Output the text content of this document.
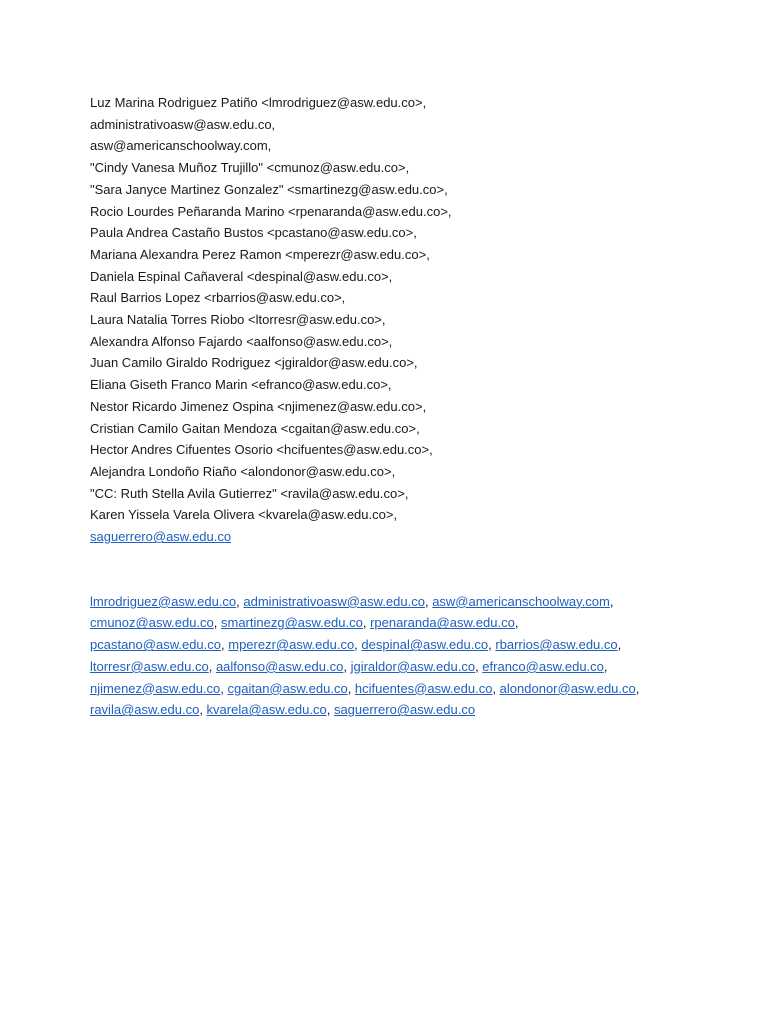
Luz Marina Rodriguez Patiño <lmrodriguez@asw.edu.co>,
administrativoasw@asw.edu.co,
asw@americanschoolway.com,
"Cindy Vanesa Muñoz Trujillo" <cmunoz@asw.edu.co>,
"Sara Janyce Martinez Gonzalez" <smartinezg@asw.edu.co>,
Rocio Lourdes Peñaranda Marino <rpenaranda@asw.edu.co>,
Paula Andrea Castaño Bustos <pcastano@asw.edu.co>,
Mariana Alexandra Perez Ramon <mperezr@asw.edu.co>,
Daniela Espinal Cañaveral <despinal@asw.edu.co>,
Raul Barrios Lopez <rbarrios@asw.edu.co>,
Laura Natalia Torres Riobo <ltorresr@asw.edu.co>,
Alexandra Alfonso Fajardo <aalfonso@asw.edu.co>,
Juan Camilo Giraldo Rodriguez <jgiraldor@asw.edu.co>,
Eliana Giseth Franco Marin <efranco@asw.edu.co>,
Nestor Ricardo Jimenez Ospina <njimenez@asw.edu.co>,
Cristian Camilo Gaitan Mendoza <cgaitan@asw.edu.co>,
Hector Andres Cifuentes Osorio <hcifuentes@asw.edu.co>,
Alejandra Londoño Riaño <alondonor@asw.edu.co>,
"CC: Ruth Stella Avila Gutierrez" <ravila@asw.edu.co>,
Karen Yissela Varela Olivera <kvarela@asw.edu.co>,
saguerrero@asw.edu.co
lmrodriguez@asw.edu.co, administrativoasw@asw.edu.co, asw@americanschoolway.com,
cmunoz@asw.edu.co, smartinezg@asw.edu.co, rpenaranda@asw.edu.co,
pcastano@asw.edu.co, mperezr@asw.edu.co, despinal@asw.edu.co, rbarrios@asw.edu.co,
ltorresr@asw.edu.co, aalfonso@asw.edu.co, jgiraldor@asw.edu.co, efranco@asw.edu.co,
njimenez@asw.edu.co, cgaitan@asw.edu.co, hcifuentes@asw.edu.co, alondonor@asw.edu.co,
ravila@asw.edu.co, kvarela@asw.edu.co, saguerrero@asw.edu.co
